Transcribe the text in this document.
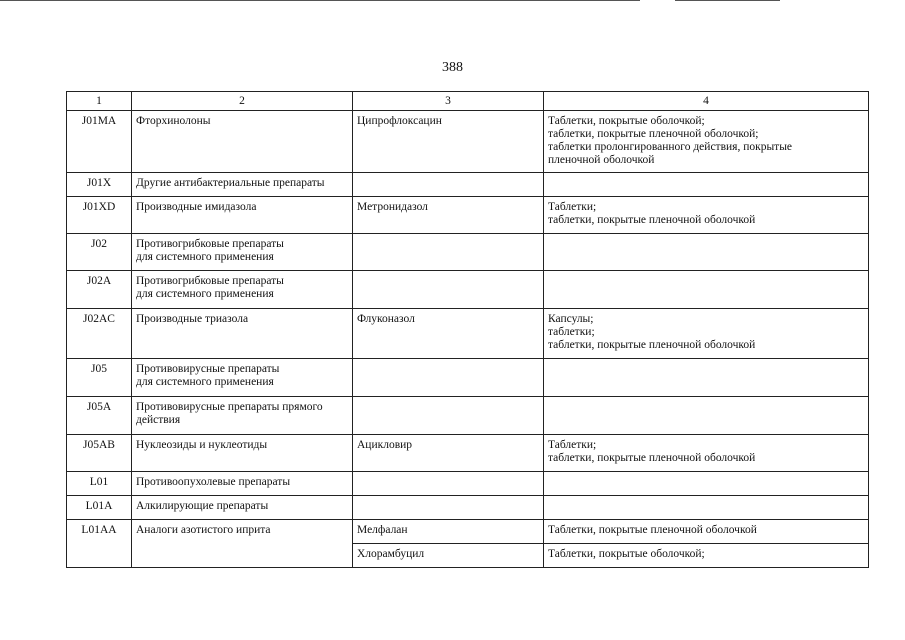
388
1	2	3	4
J01MA	Фторхинолоны	Ципрофлоксацин	Таблетки, покрытые оболочкой;
таблетки, покрытые пленочной оболочкой;
таблетки пролонгированного действия, покрытые
пленочной оболочкой
J01X	Другие антибактериальные препараты		
J01XD	Производные имидазола	Метронидазол	Таблетки;
таблетки, покрытые пленочной оболочкой
J02	Противогрибковые препараты
для системного применения		
J02A	Противогрибковые препараты
для системного применения		
J02AC	Производные триазола	Флуконазол	Капсулы;
таблетки;
таблетки, покрытые пленочной оболочкой
J05	Противовирусные препараты
для системного применения		
J05A	Противовирусные препараты прямого
действия		
J05AB	Нуклеозиды и нуклеотиды	Ацикловир	Таблетки;
таблетки, покрытые пленочной оболочкой
L01	Противоопухолевые препараты		
L01A	Алкилирующие препараты		
L01AA	Аналоги азотистого иприта	Мелфалан	Таблетки, покрытые пленочной оболочкой
		Хлорамбуцил	Таблетки, покрытые оболочкой;
